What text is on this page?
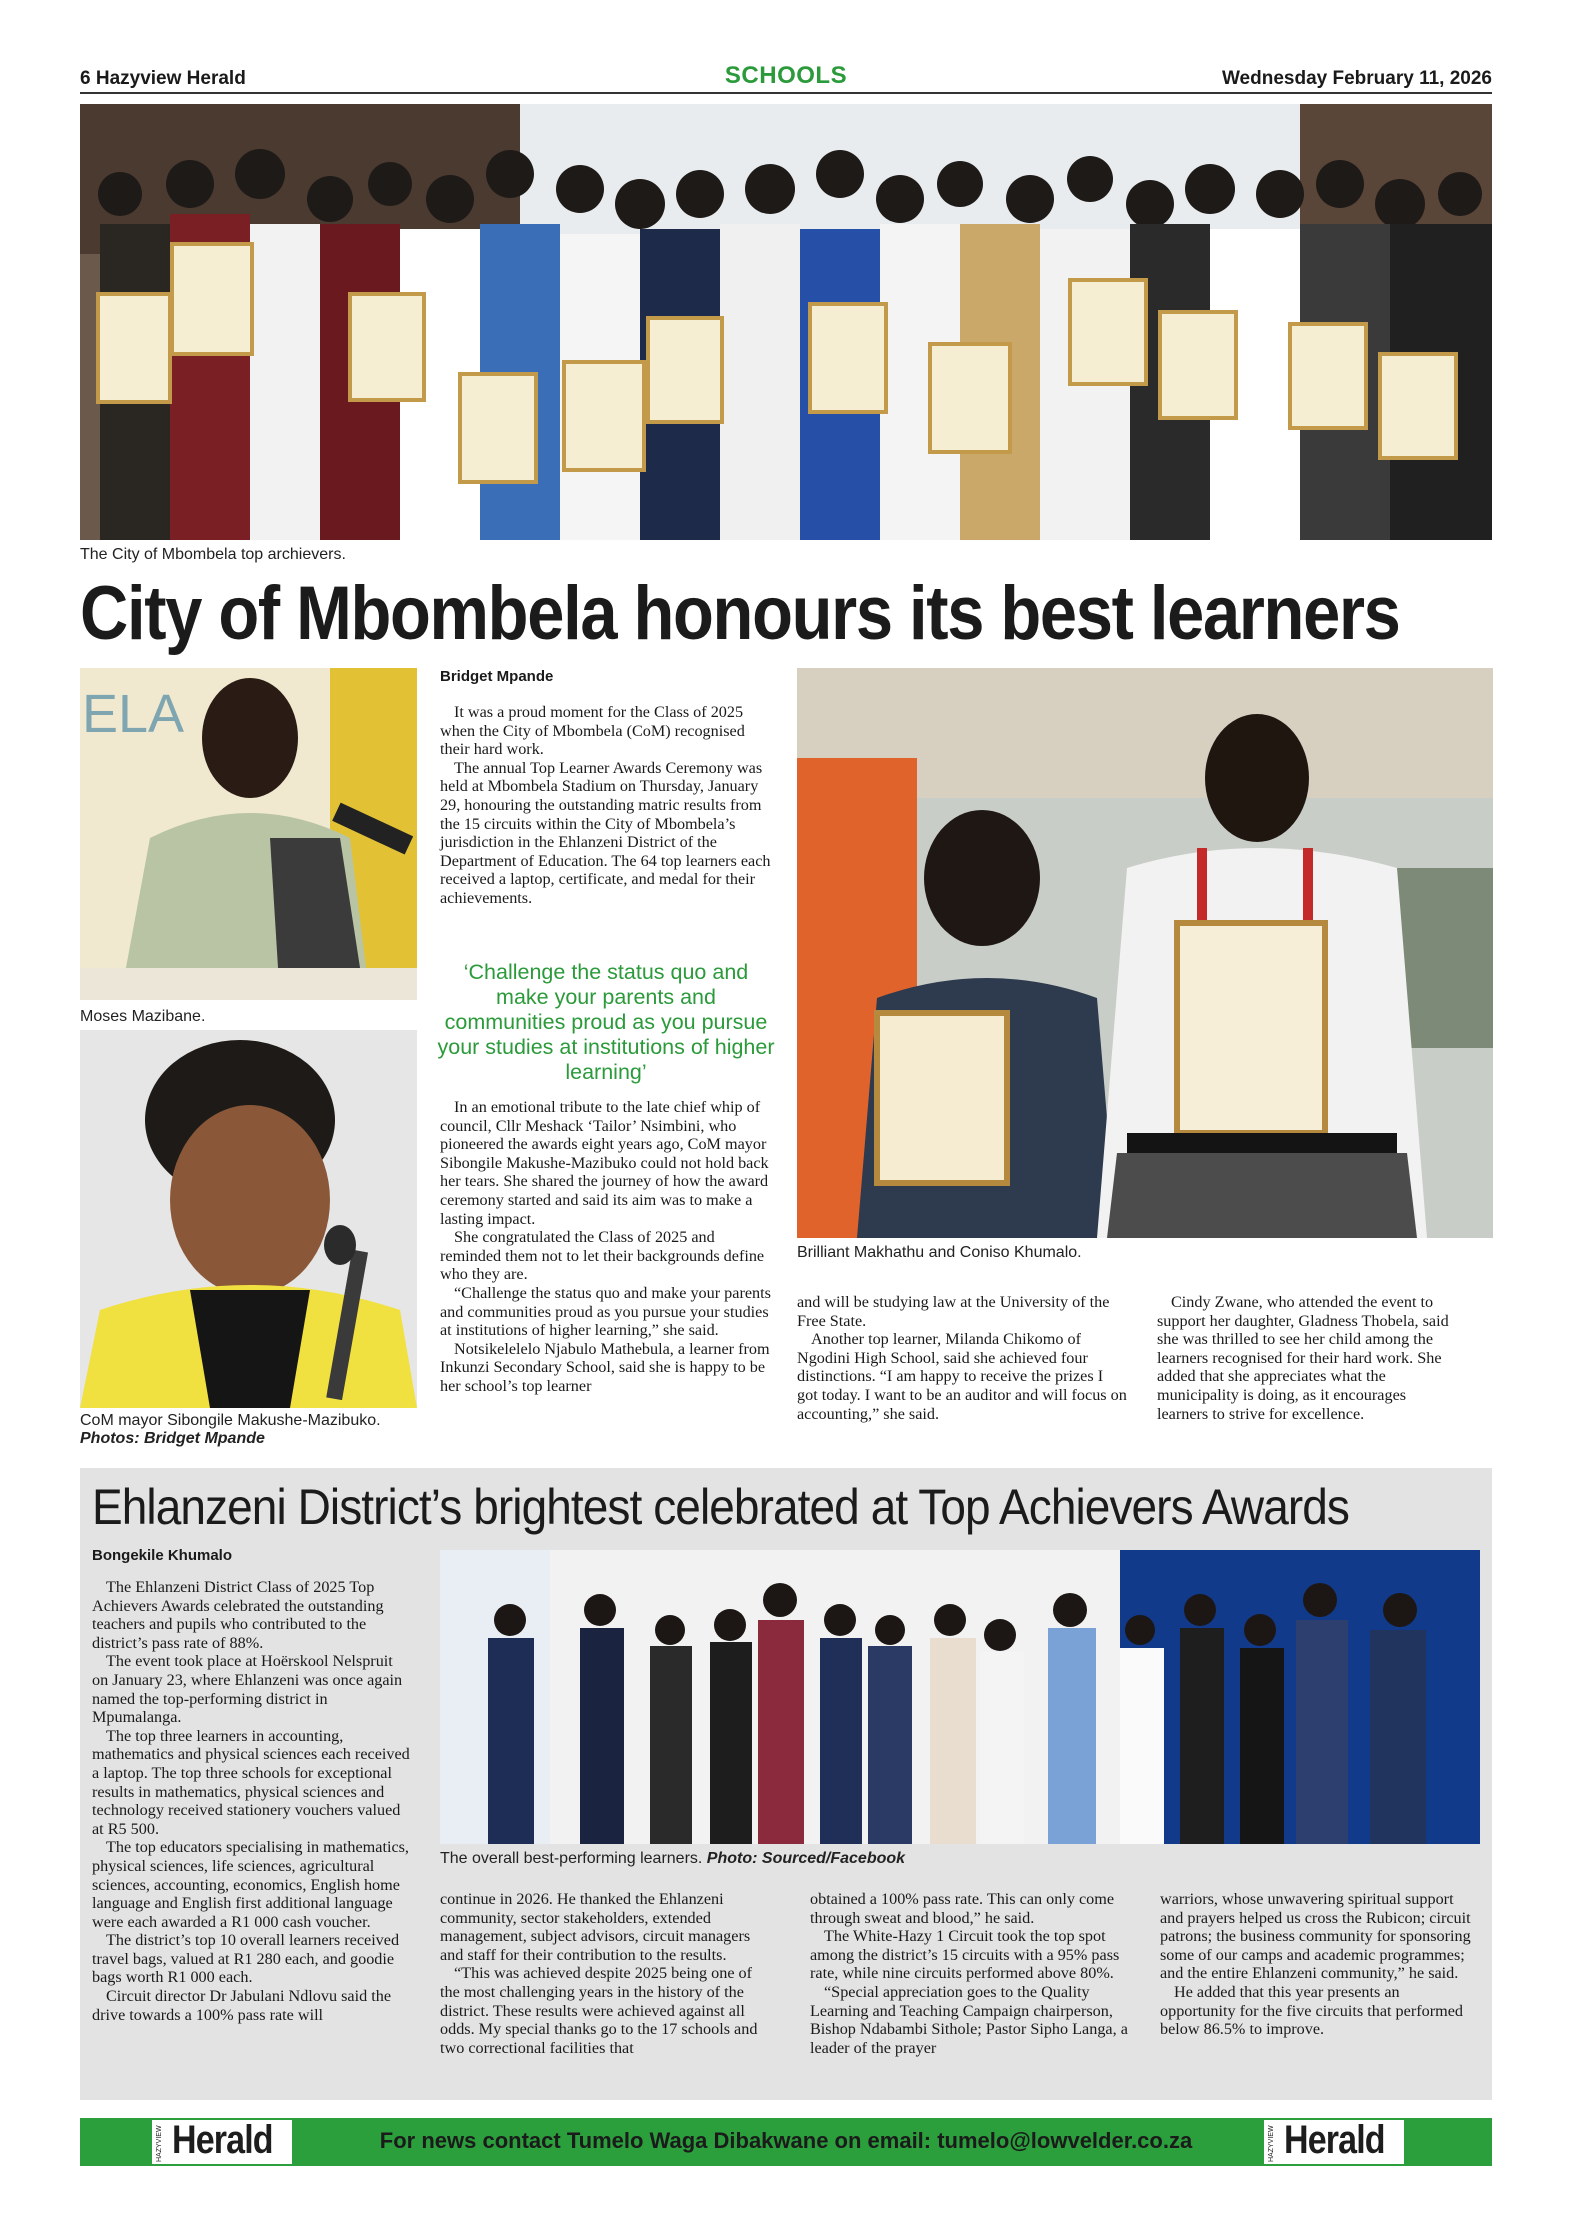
6 Hazyview Herald	SCHOOLS	Wednesday February 11, 2026
The City of Mbombela top archievers.
City of Mbombela honours its best learners
ELA
Moses Mazibane.
CoM mayor Sibongile Makushe-Mazibuko.
Photos: Bridget Mpande
Bridget Mpande

It was a proud moment for the Class of 2025 when the City of Mbombela (CoM) recognised their hard work.

The annual Top Learner Awards Ceremony was held at Mbombela Stadium on Thursday, January 29, honouring the outstanding matric results from the 15 circuits within the City of Mbombela’s jurisdiction in the Ehlanzeni District of the Department of Education. The 64 top learners each received a laptop, certificate, and medal for their achievements.

‘Challenge the status quo and make your parents and communities proud as you pursue your studies at institutions of higher learning’

In an emotional tribute to the late chief whip of council, Cllr Meshack ‘Tailor’ Nsimbini, who pioneered the awards eight years ago, CoM mayor Sibongile Makushe-Mazibuko could not hold back her tears. She shared the journey of how the award ceremony started and said its aim was to make a lasting impact.

She congratulated the Class of 2025 and reminded them not to let their backgrounds define who they are.

“Challenge the status quo and make your parents and communities proud as you pursue your studies at institutions of higher learning,” she said.

Notsikelelelo Njabulo Mathebula, a learner from Inkunzi Secondary School, said she is happy to be her school’s top learner

Brilliant Makhathu and Coniso Khumalo.

and will be studying law at the University of the Free State.

Another top learner, Milanda Chikomo of Ngodini High School, said she achieved four distinctions. “I am happy to receive the prizes I got today. I want to be an auditor and will focus on accounting,” she said.

Cindy Zwane, who attended the event to support her daughter, Gladness Thobela, said she was thrilled to see her child among the learners recognised for their hard work. She added that she appreciates what the municipality is doing, as it encourages learners to strive for excellence.

Ehlanzeni District’s brightest celebrated at Top Achievers Awards
Bongekile Khumalo

The Ehlanzeni District Class of 2025 Top Achievers Awards celebrated the outstanding teachers and pupils who contributed to the district’s pass rate of 88%.

The event took place at Hoërskool Nelspruit on January 23, where Ehlanzeni was once again named the top-performing district in Mpumalanga.

The top three learners in accounting, mathematics and physical sciences each received a laptop. The top three schools for exceptional results in mathematics, physical sciences and technology received stationery vouchers valued at R5 500.

The top educators specialising in mathematics, physical sciences, life sciences, agricultural sciences, accounting, economics, English home language and English first additional language were each awarded a R1 000 cash voucher.

The district’s top 10 overall learners received travel bags, valued at R1 280 each, and goodie bags worth R1 000 each.

Circuit director Dr Jabulani Ndlovu said the drive towards a 100% pass rate will

The overall best-performing learners. Photo: Sourced/Facebook

continue in 2026. He thanked the Ehlanzeni community, sector stakeholders, extended management, subject advisors, circuit managers and staff for their contribution to the results.

“This was achieved despite 2025 being one of the most challenging years in the history of the district. These results were achieved against all odds. My special thanks go to the 17 schools and two correctional facilities that

obtained a 100% pass rate. This can only come through sweat and blood,” he said.

The White-Hazy 1 Circuit took the top spot among the district’s 15 circuits with a 95% pass rate, while nine circuits performed above 80%.

“Special appreciation goes to the Quality Learning and Teaching Campaign chairperson, Bishop Ndabambi Sithole; Pastor Sipho Langa, a leader of the prayer

warriors, whose unwavering spiritual support and prayers helped us cross the Rubicon; circuit patrons; the business community for sponsoring some of our camps and academic programmes; and the entire Ehlanzeni community,” he said.

He added that this year presents an opportunity for the five circuits that performed below 86.5% to improve.

HAZYVIEW Herald	For news contact Tumelo Waga Dibakwane on email: tumelo@lowvelder.co.za	HAZYVIEW Herald
